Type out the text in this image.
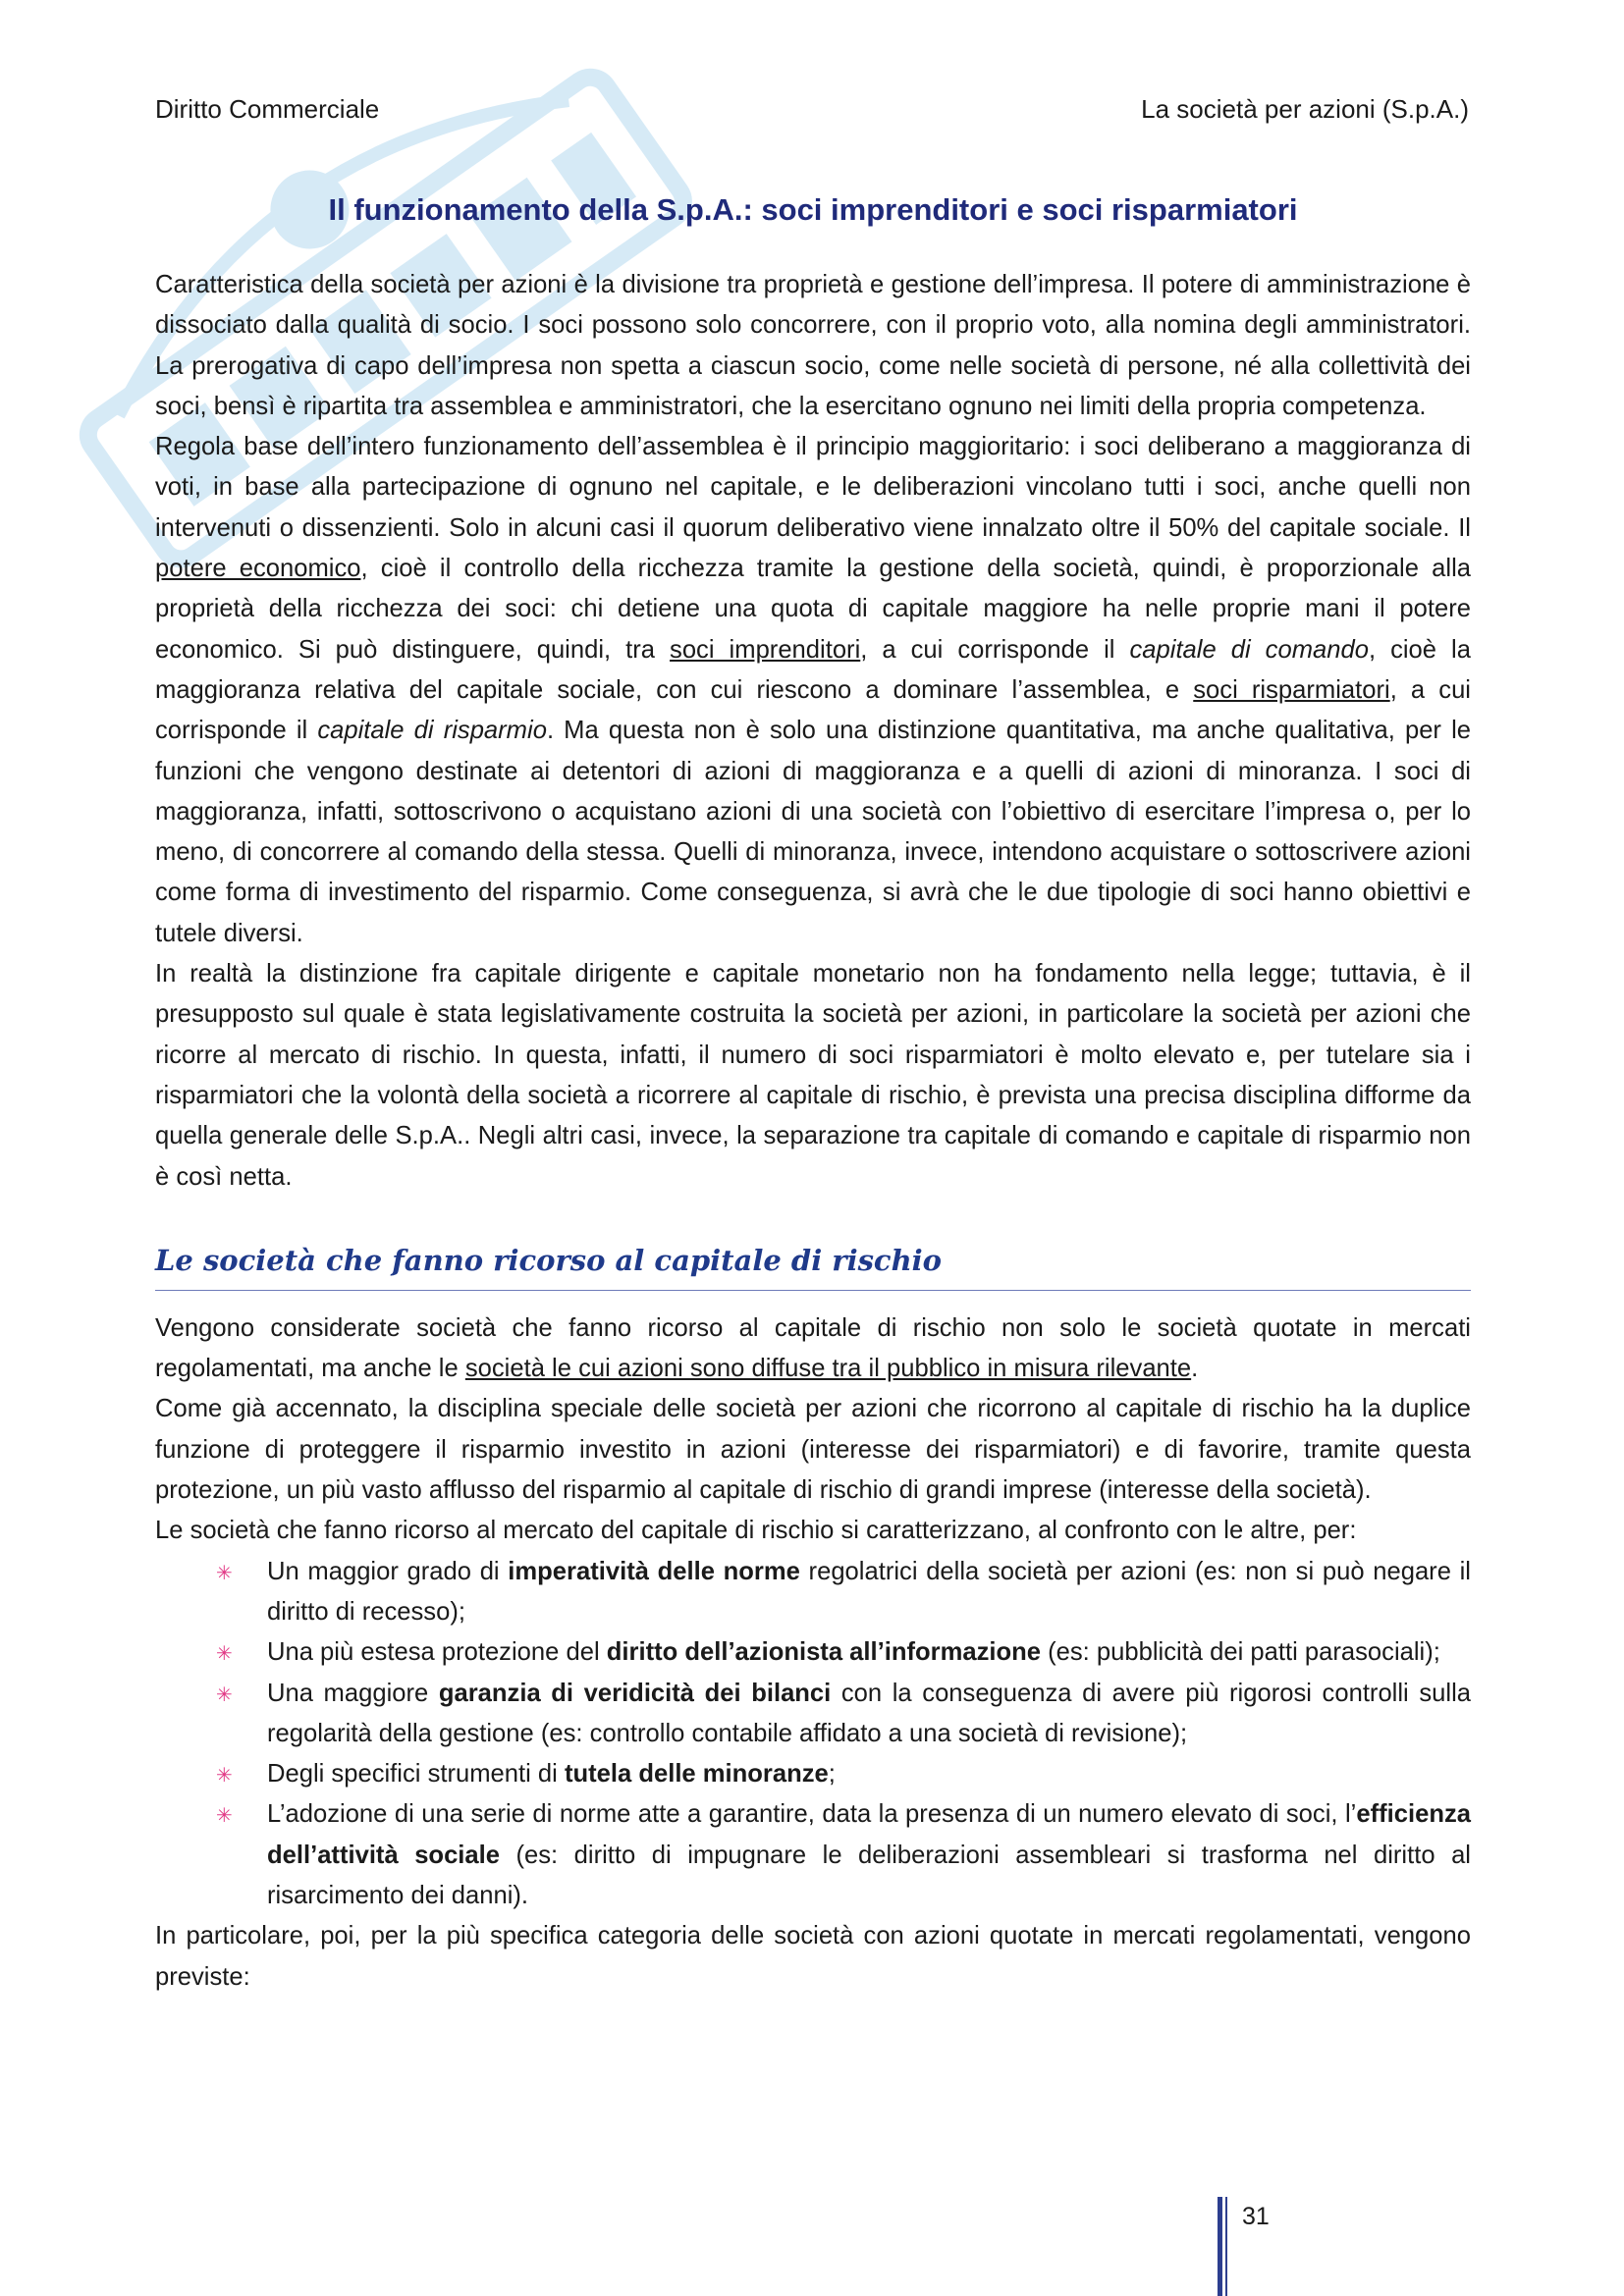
Diritto Commerciale	La società per azioni (S.p.A.)
Il funzionamento della S.p.A.: soci imprenditori e soci risparmiatori

Caratteristica della società per azioni è la divisione tra proprietà e gestione dell’impresa. Il potere di amministrazione è dissociato dalla qualità di socio. I soci possono solo concorrere, con il proprio voto, alla nomina degli amministratori. La prerogativa di capo dell’impresa non spetta a ciascun socio, come nelle società di persone, né alla collettività dei soci, bensì è ripartita tra assemblea e amministratori, che la esercitano ognuno nei limiti della propria competenza.

Regola base dell’intero funzionamento dell’assemblea è il principio maggioritario: i soci deliberano a maggioranza di voti, in base alla partecipazione di ognuno nel capitale, e le deliberazioni vincolano tutti i soci, anche quelli non intervenuti o dissenzienti. Solo in alcuni casi il quorum deliberativo viene innalzato oltre il 50% del capitale sociale. Il potere economico, cioè il controllo della ricchezza tramite la gestione della società, quindi, è proporzionale alla proprietà della ricchezza dei soci: chi detiene una quota di capitale maggiore ha nelle proprie mani il potere economico. Si può distinguere, quindi, tra soci imprenditori, a cui corrisponde il capitale di comando, cioè la maggioranza relativa del capitale sociale, con cui riescono a dominare l’assemblea, e soci risparmiatori, a cui corrisponde il capitale di risparmio. Ma questa non è solo una distinzione quantitativa, ma anche qualitativa, per le funzioni che vengono destinate ai detentori di azioni di maggioranza e a quelli di azioni di minoranza. I soci di maggioranza, infatti, sottoscrivono o acquistano azioni di una società con l’obiettivo di esercitare l’impresa o, per lo meno, di concorrere al comando della stessa. Quelli di minoranza, invece, intendono acquistare o sottoscrivere azioni come forma di investimento del risparmio. Come conseguenza, si avrà che le due tipologie di soci hanno obiettivi e tutele diversi.

In realtà la distinzione fra capitale dirigente e capitale monetario non ha fondamento nella legge; tuttavia, è il presupposto sul quale è stata legislativamente costruita la società per azioni, in particolare la società per azioni che ricorre al mercato di rischio. In questa, infatti, il numero di soci risparmiatori è molto elevato e, per tutelare sia i risparmiatori che la volontà della società a ricorrere al capitale di rischio, è prevista una precisa disciplina difforme da quella generale delle S.p.A.. Negli altri casi, invece, la separazione tra capitale di comando e capitale di risparmio non è così netta.

Le società che fanno ricorso al capitale di rischio

Vengono considerate società che fanno ricorso al capitale di rischio non solo le società quotate in mercati regolamentati, ma anche le società le cui azioni sono diffuse tra il pubblico in misura rilevante.

Come già accennato, la disciplina speciale delle società per azioni che ricorrono al capitale di rischio ha la duplice funzione di proteggere il risparmio investito in azioni (interesse dei risparmiatori) e di favorire, tramite questa protezione, un più vasto afflusso del risparmio al capitale di rischio di grandi imprese (interesse della società).

Le società che fanno ricorso al mercato del capitale di rischio si caratterizzano, al confronto con le altre, per:

✳ Un maggior grado di imperatività delle norme regolatrici della società per azioni (es: non si può negare il diritto di recesso);
✳ Una più estesa protezione del diritto dell’azionista all’informazione (es: pubblicità dei patti parasociali);
✳ Una maggiore garanzia di veridicità dei bilanci con la conseguenza di avere più rigorosi controlli sulla regolarità della gestione (es: controllo contabile affidato a una società di revisione);
✳ Degli specifici strumenti di tutela delle minoranze;
✳ L’adozione di una serie di norme atte a garantire, data la presenza di un numero elevato di soci, l’efficienza dell’attività sociale (es: diritto di impugnare le deliberazioni assembleari si trasforma nel diritto al risarcimento dei danni).

In particolare, poi, per la più specifica categoria delle società con azioni quotate in mercati regolamentati, vengono previste:

31
